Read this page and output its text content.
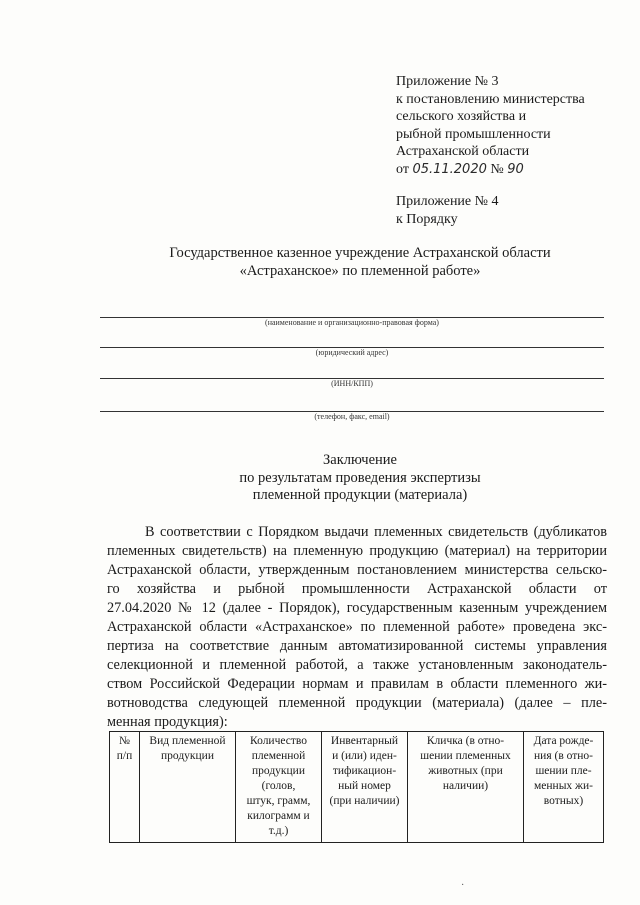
Приложение № 3
к постановлению министерства
сельского хозяйства и
рыбной промышленности
Астраханской области
от 05.11.2020 № 90
Приложение № 4
к Порядку
Государственное казенное учреждение Астраханской области
«Астраханское» по племенной работе»
(наименование и организационно-правовая форма)
(юридический адрес)
(ИНН/КПП)
(телефон, факс, email)
Заключение
по результатам проведения экспертизы
племенной продукции (материала)
В соответствии с Порядком выдачи племенных свидетельств (дубликатов
племенных свидетельств) на племенную продукцию (материал) на территории
Астраханской области, утвержденным постановлением министерства сельско-
го хозяйства и рыбной промышленности Астраханской области от
27.04.2020 № 12 (далее - Порядок), государственным казенным учреждением
Астраханской области «Астраханское» по племенной работе» проведена экс-
пертиза на соответствие данным автоматизированной системы управления
селекционной и племенной работой, а также установленным законодатель-
ством Российской Федерации нормам и правилам в области племенного жи-
вотноводства следующей племенной продукции (материала) (далее – пле-
менная продукция):
№
п/п

Вид племенной
продукции

Количество
племенной
продукции
(голов,
штук, грамм,
килограмм и
т.д.)

Инвентарный
и (или) иден-
тификацион-
ный номер
(при наличии)

Кличка (в отно-
шении племенных
животных (при
наличии)

Дата рожде-
ния (в отно-
шении пле-
менных жи-
вотных)
·
